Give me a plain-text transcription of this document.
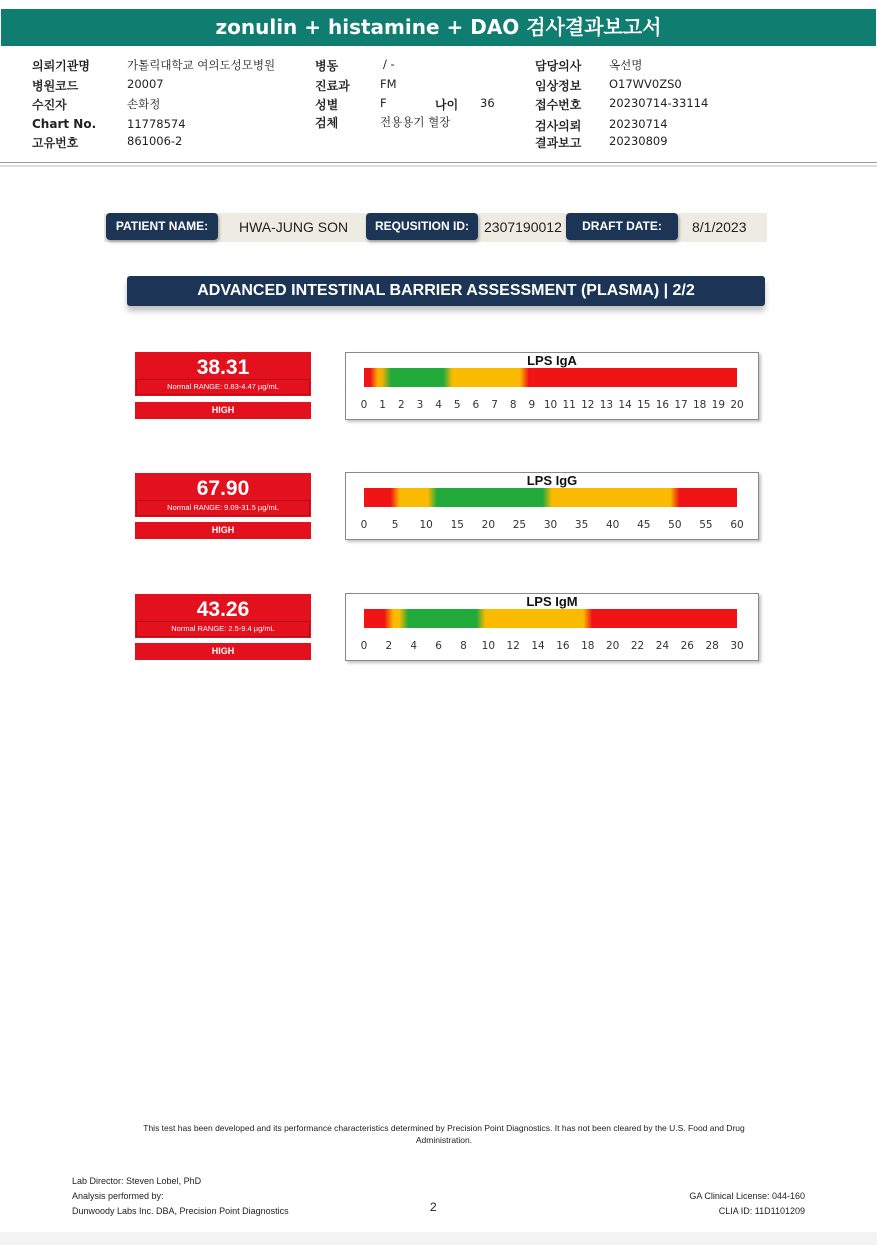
zonulin + histamine + DAO 검사결과보고서
의뢰기관명	가톨릭대학교 여의도성모병원
병원코드	20007
수진자	손화정
Chart No.	11778574
고유번호	861006-2
병동	/ -
진료과	FM
성별	F	나이 36
검체	전용용기 혈장
담당의사 옥선명
임상정보 O17WV0ZS0
접수번호 20230714-33114
검사의뢰 20230714
결과보고 20230809
PATIENT NAME:	HWA-JUNG SON	REQUSITION ID:	2307190012	DRAFT DATE:	8/1/2023
ADVANCED INTESTINAL BARRIER ASSESSMENT (PLASMA) | 2/2
38.31
Normal RANGE: 0.83-4.47 µg/mL
HIGH	0 1 2 3 4 5 6 7 8 9 10 11 12 13 14 15 16 17 18 19 20
LPS IgA
67.90
Normal RANGE: 9.09-31.5 µg/mL
HIGH	0 5 10 15 20 25 30 35 40 45 50 55 60
LPS IgG
43.26
Normal RANGE: 2.5-9.4 µg/mL
HIGH	0 2 4 6 8 10 12 14 16 18 20 22 24 26 28 30
LPS IgM
This test has been developed and its performance characteristics determined by Precision Point Diagnostics. It has not been cleared by the U.S. Food and Drug Administration.
Lab Director: Steven Lobel, PhD
Analysis performed by:
Dunwoody Labs Inc. DBA, Precision Point Diagnostics	2
GA Clinical License: 044-160
CLIA ID: 11D1101209
